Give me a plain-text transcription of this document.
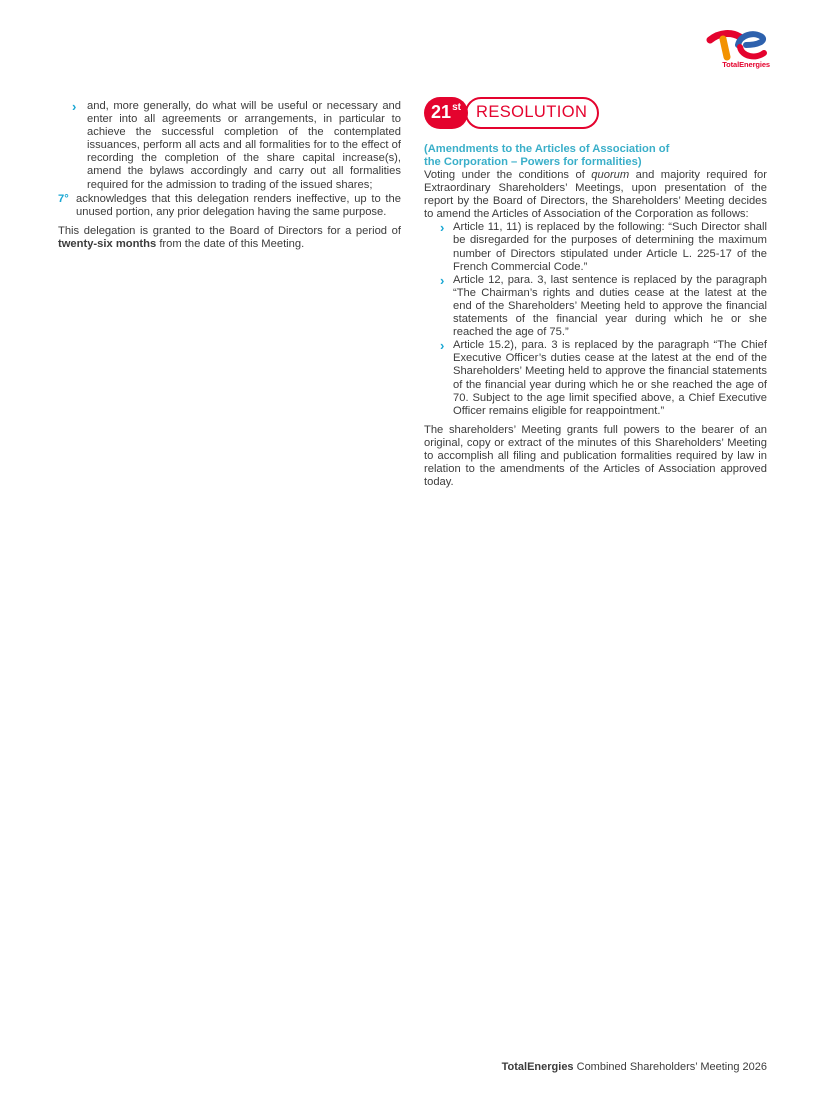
TotalEnergies
› and, more generally, do what will be useful or necessary and enter into all agreements or arrangements, in particular to achieve the successful completion of the contemplated issuances, perform all acts and all formalities for to the effect of recording the completion of the share capital increase(s), amend the bylaws accordingly and carry out all formalities required for the admission to trading of the issued shares;
7° acknowledges that this delegation renders ineffective, up to the unused portion, any prior delegation having the same purpose.
This delegation is granted to the Board of Directors for a period of twenty-six months from the date of this Meeting.
21st RESOLUTION
(Amendments to the Articles of Association of
the Corporation – Powers for formalities)
Voting under the conditions of quorum and majority required for Extraordinary Shareholders’ Meetings, upon presentation of the report by the Board of Directors, the Shareholders’ Meeting decides to amend the Articles of Association of the Corporation as follows:
› Article 11, 11) is replaced by the following: “Such Director shall be disregarded for the purposes of determining the maximum number of Directors stipulated under Article L. 225-17 of the French Commercial Code.”
› Article 12, para. 3, last sentence is replaced by the paragraph “The Chairman’s rights and duties cease at the latest at the end of the Shareholders’ Meeting held to approve the financial statements of the financial year during which he or she reached the age of 75.”
› Article 15.2), para. 3 is replaced by the paragraph “The Chief Executive Officer’s duties cease at the latest at the end of the Shareholders’ Meeting held to approve the financial statements of the financial year during which he or she reached the age of 70. Subject to the age limit specified above, a Chief Executive Officer remains eligible for reappointment.”
The shareholders’ Meeting grants full powers to the bearer of an original, copy or extract of the minutes of this Shareholders’ Meeting to accomplish all filing and publication formalities required by law in relation to the amendments of the Articles of Association approved today.
TotalEnergies Combined Shareholders’ Meeting 2026
